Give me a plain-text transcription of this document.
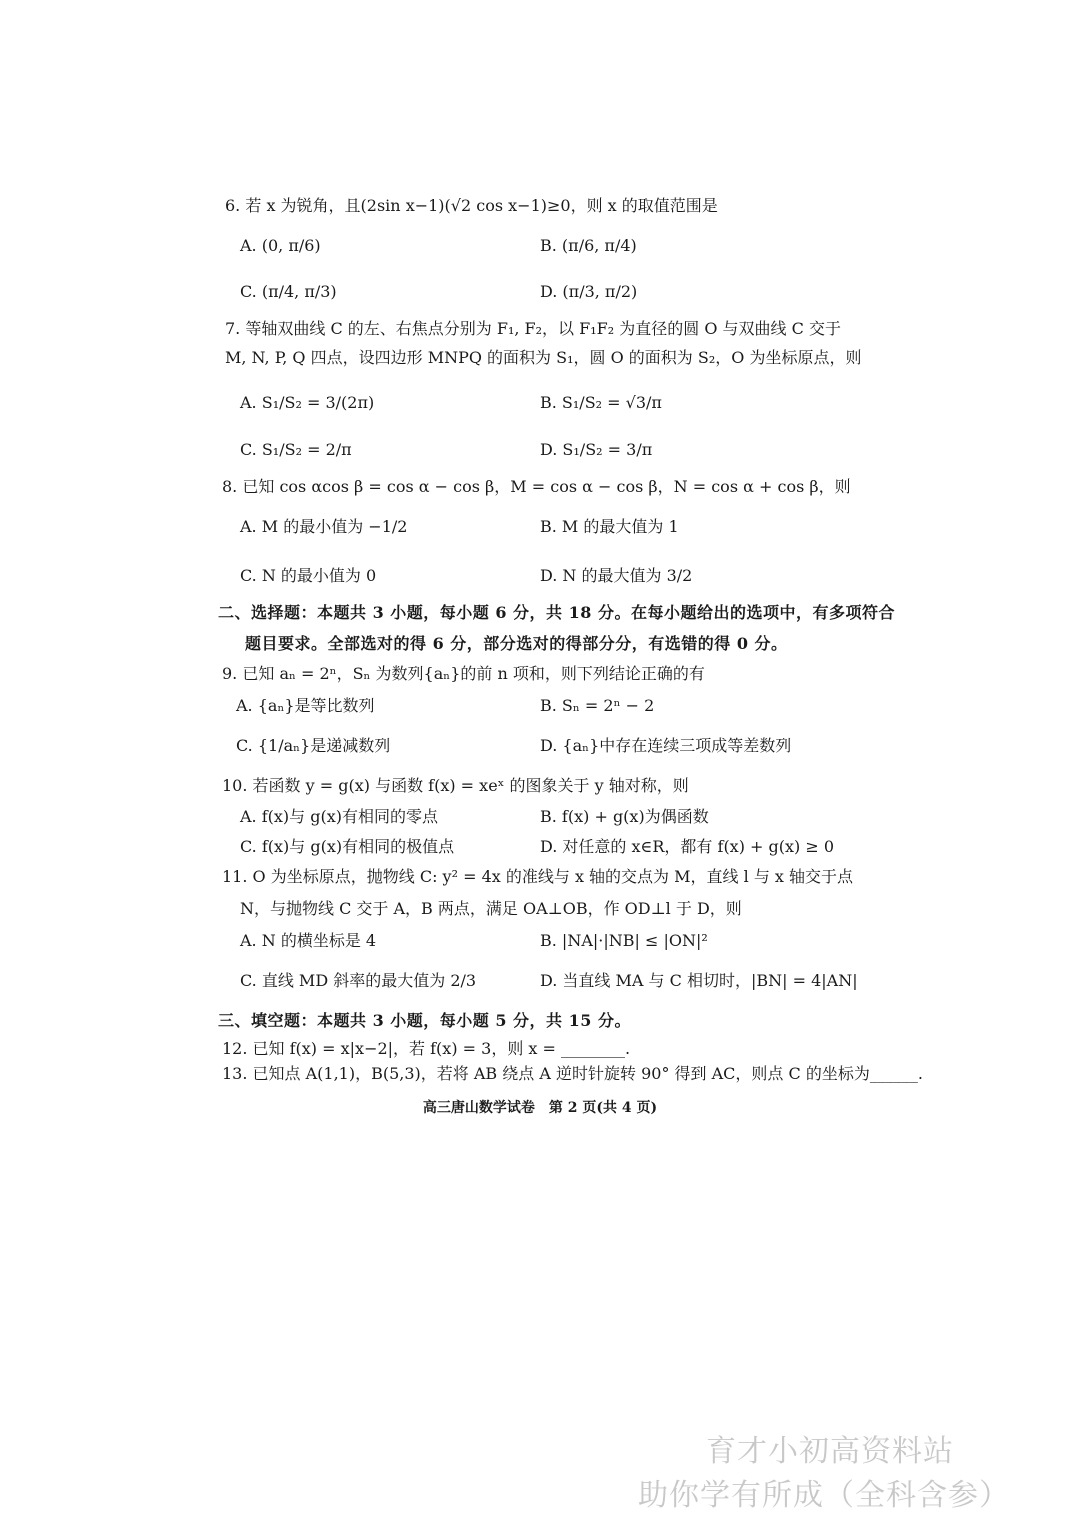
6. 若 x 为锐角，且(2sin x−1)(√2 cos x−1)≥0，则 x 的取值范围是
A. (0, π/6)	B. (π/6, π/4)
C. (π/4, π/3)	D. (π/3, π/2)
7. 等轴双曲线 C 的左、右焦点分别为 F₁, F₂，以 F₁F₂ 为直径的圆 O 与双曲线 C 交于
M, N, P, Q 四点，设四边形 MNPQ 的面积为 S₁，圆 O 的面积为 S₂，O 为坐标原点，则
A. S₁/S₂ = 3/(2π)	B. S₁/S₂ = √3/π
C. S₁/S₂ = 2/π	D. S₁/S₂ = 3/π
8. 已知 cos αcos β = cos α − cos β，M = cos α − cos β，N = cos α + cos β，则
A. M 的最小值为 −1/2	B. M 的最大值为 1
C. N 的最小值为 0	D. N 的最大值为 3/2
二、选择题：本题共 3 小题，每小题 6 分，共 18 分。在每小题给出的选项中，有多项符合
题目要求。全部选对的得 6 分，部分选对的得部分分，有选错的得 0 分。
9. 已知 aₙ = 2ⁿ，Sₙ 为数列{aₙ}的前 n 项和，则下列结论正确的有
A. {aₙ}是等比数列	B. Sₙ = 2ⁿ − 2
C. {1/aₙ}是递减数列	D. {aₙ}中存在连续三项成等差数列
10. 若函数 y = g(x) 与函数 f(x) = xeˣ 的图象关于 y 轴对称，则
A. f(x)与 g(x)有相同的零点	B. f(x) + g(x)为偶函数
C. f(x)与 g(x)有相同的极值点	D. 对任意的 x∈R，都有 f(x) + g(x) ≥ 0
11. O 为坐标原点，抛物线 C: y² = 4x 的准线与 x 轴的交点为 M，直线 l 与 x 轴交于点
N，与抛物线 C 交于 A，B 两点，满足 OA⊥OB，作 OD⊥l 于 D，则
A. N 的横坐标是 4	B. |NA|·|NB| ≤ |ON|²
C. 直线 MD 斜率的最大值为 2/3	D. 当直线 MA 与 C 相切时，|BN| = 4|AN|
三、填空题：本题共 3 小题，每小题 5 分，共 15 分。
12. 已知 f(x) = x|x−2|，若 f(x) = 3，则 x = ________.
13. 已知点 A(1,1)，B(5,3)，若将 AB 绕点 A 逆时针旋转 90° 得到 AC，则点 C 的坐标为______.
高三唐山数学试卷　第 2 页(共 4 页)
育才小初高资料站
助你学有所成（全科含参）
